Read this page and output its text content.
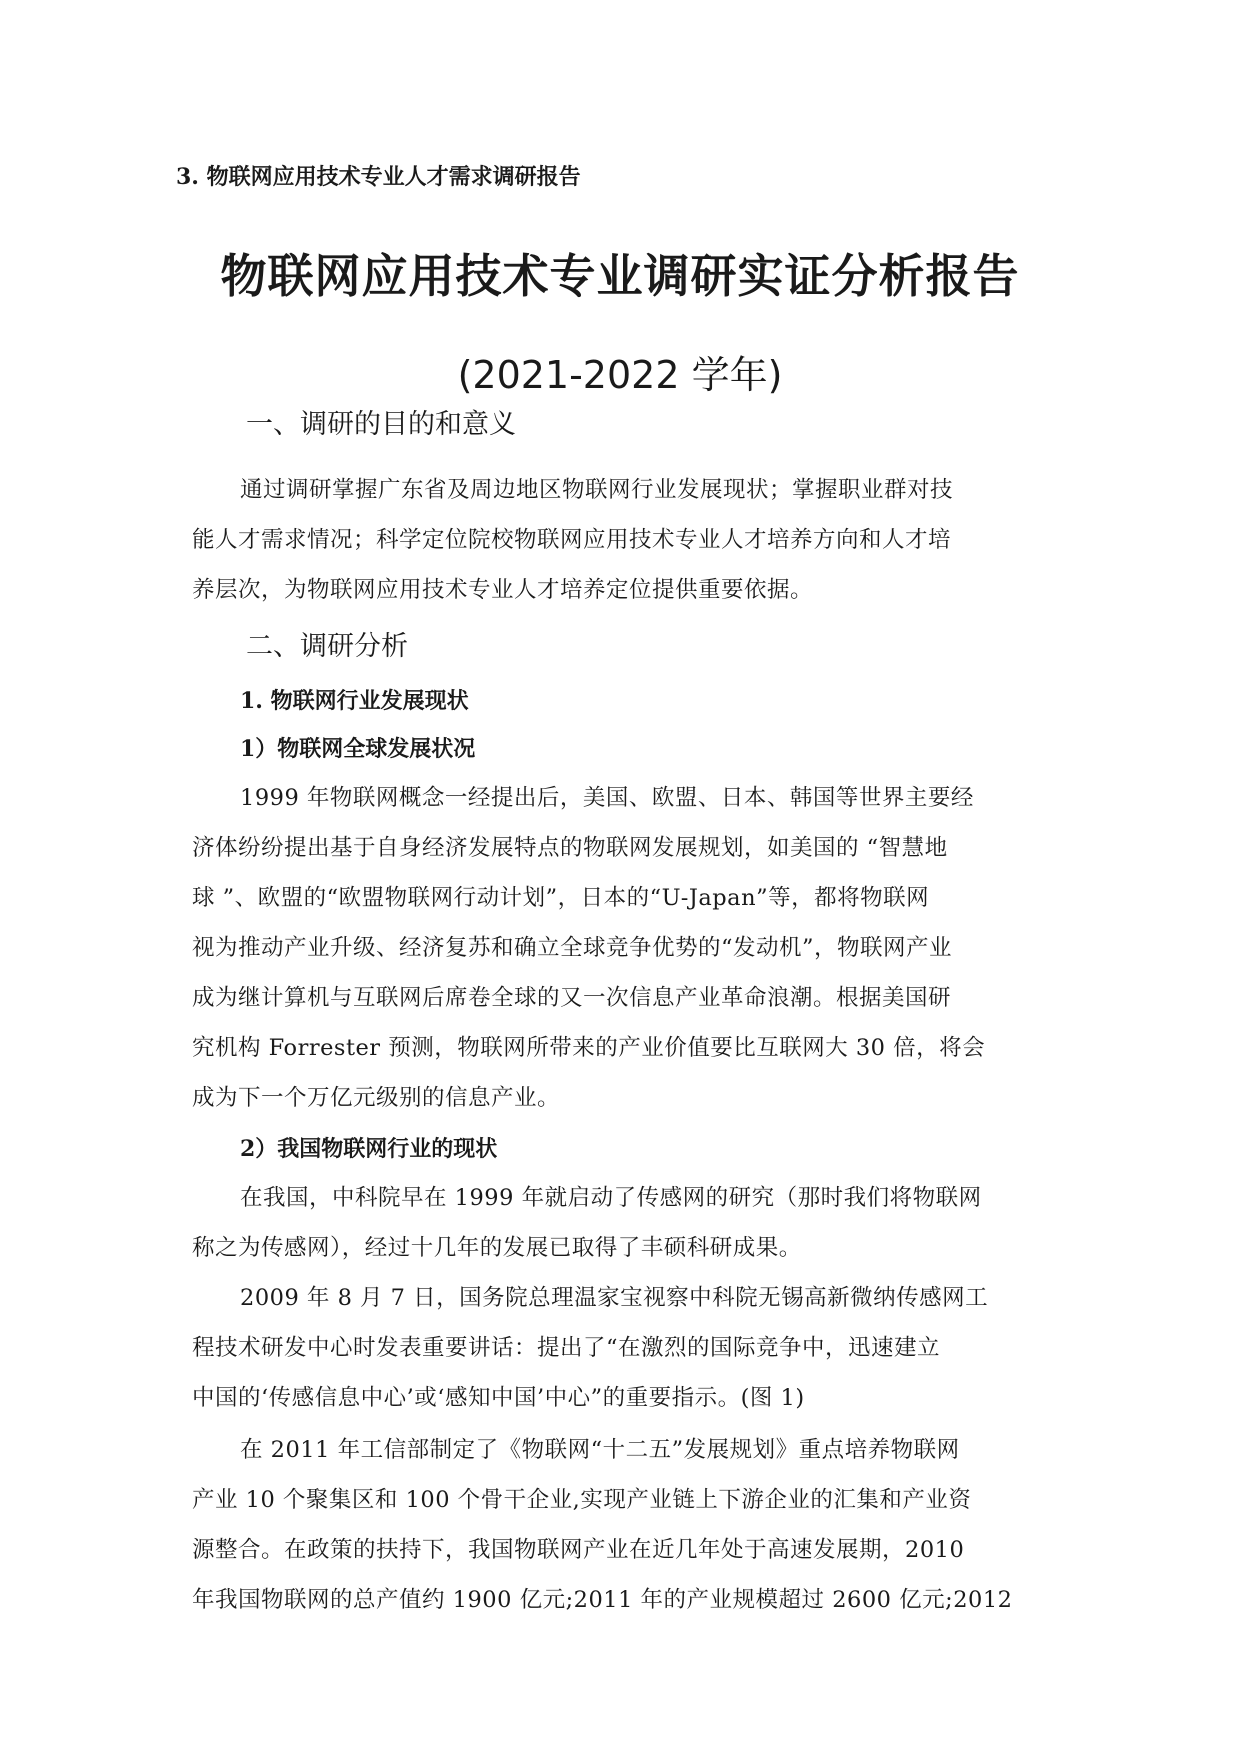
3. 物联网应用技术专业人才需求调研报告
物联网应用技术专业调研实证分析报告
(2021-2022 学年)
一、调研的目的和意义
通过调研掌握广东省及周边地区物联网行业发展现状；掌握职业群对技
能人才需求情况；科学定位院校物联网应用技术专业人才培养方向和人才培
养层次，为物联网应用技术专业人才培养定位提供重要依据。
二、调研分析
1. 物联网行业发展现状
1）物联网全球发展状况
1999 年物联网概念一经提出后，美国、欧盟、日本、韩国等世界主要经
济体纷纷提出基于自身经济发展特点的物联网发展规划，如美国的 “智慧地
球 ”、欧盟的“欧盟物联网行动计划”，日本的“U-Japan”等，都将物联网
视为推动产业升级、经济复苏和确立全球竞争优势的“发动机”，物联网产业
成为继计算机与互联网后席卷全球的又一次信息产业革命浪潮。根据美国研
究机构 Forrester 预测，物联网所带来的产业价值要比互联网大 30 倍，将会
成为下一个万亿元级别的信息产业。
2）我国物联网行业的现状
在我国，中科院早在 1999 年就启动了传感网的研究（那时我们将物联网
称之为传感网），经过十几年的发展已取得了丰硕科研成果。
2009 年 8 月 7 日，国务院总理温家宝视察中科院无锡高新微纳传感网工
程技术研发中心时发表重要讲话：提出了“在激烈的国际竞争中，迅速建立
中国的‘传感信息中心’或‘感知中国’中心”的重要指示。(图 1)
在 2011 年工信部制定了《物联网“十二五”发展规划》重点培养物联网
产业 10 个聚集区和 100 个骨干企业,实现产业链上下游企业的汇集和产业资
源整合。在政策的扶持下，我国物联网产业在近几年处于高速发展期，2010
年我国物联网的总产值约 1900 亿元;2011 年的产业规模超过 2600 亿元;2012
